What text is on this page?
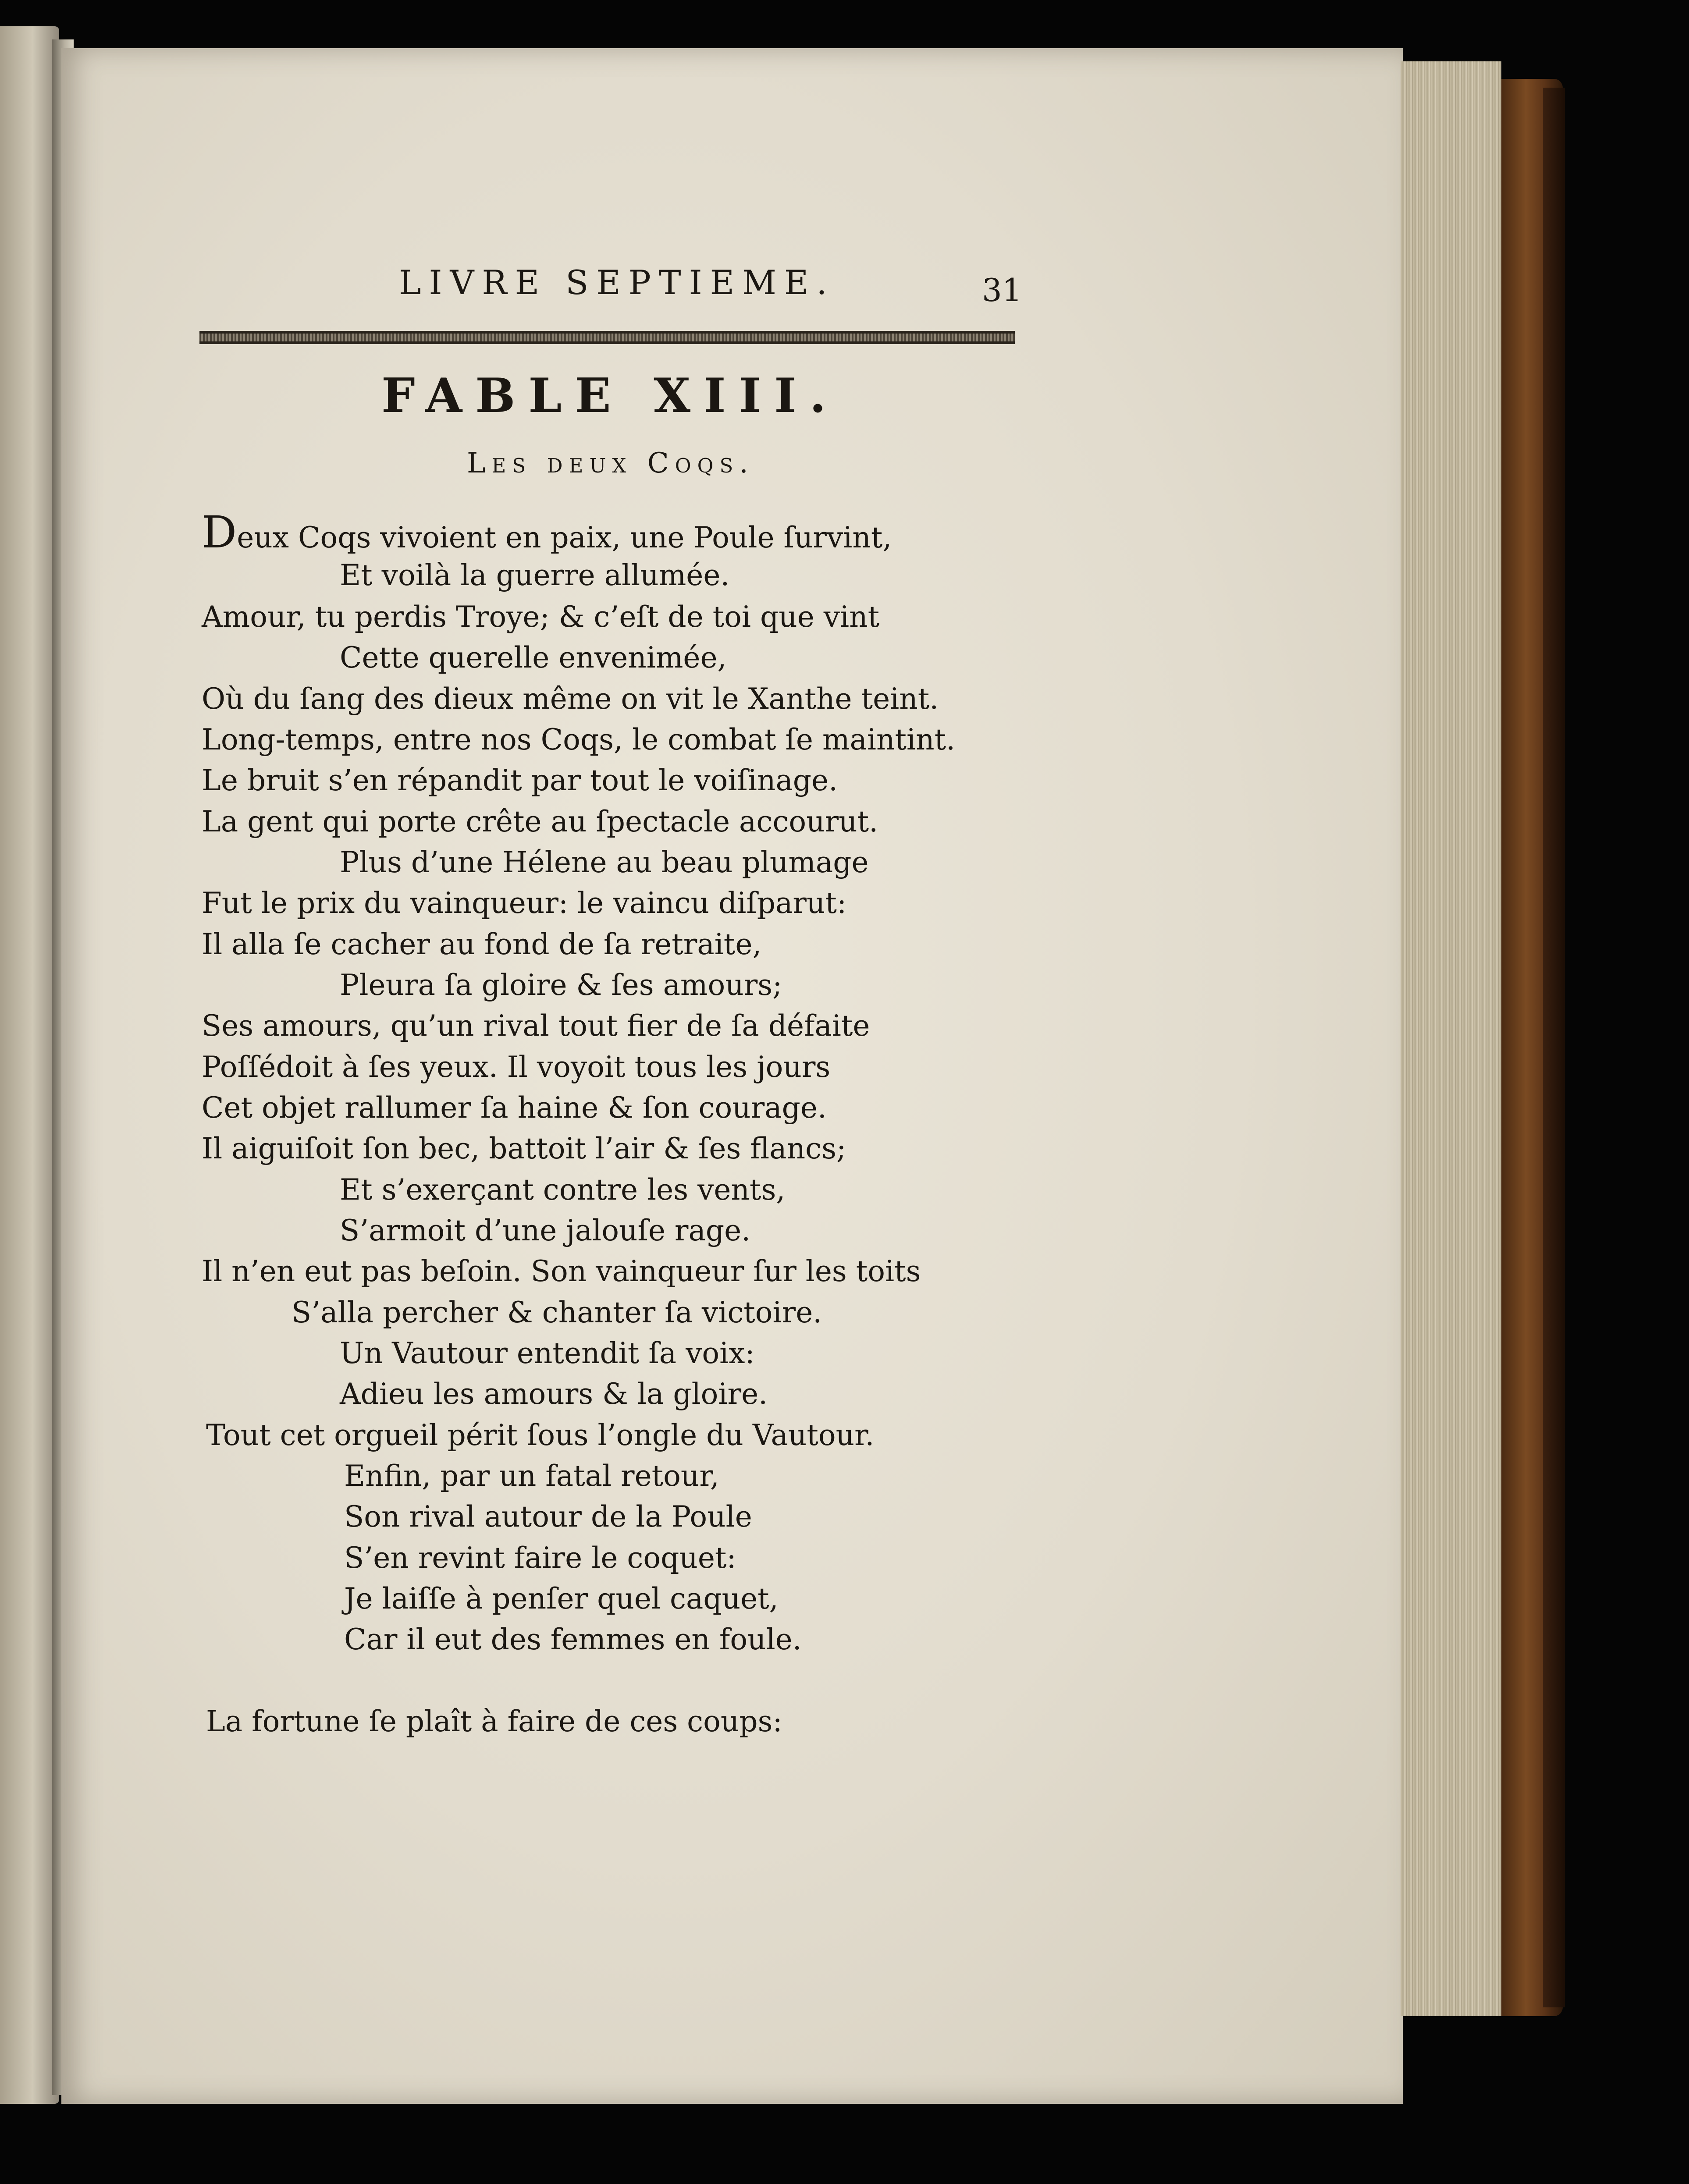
LIVRE SEPTIEME.	31
FABLE XIII.
Les deux Coqs.
Deux Coqs vivoient en paix, une Poule ſurvint,
Et voilà la guerre allumée.
Amour, tu perdis Troye; & c’eſt de toi que vint
Cette querelle envenimée,
Où du ſang des dieux même on vit le Xanthe teint.
Long-temps, entre nos Coqs, le combat ſe maintint.
Le bruit s’en répandit par tout le voiſinage.
La gent qui porte crête au ſpectacle accourut.
Plus d’une Hélene au beau plumage
Fut le prix du vainqueur: le vaincu diſparut:
Il alla ſe cacher au fond de ſa retraite,
Pleura ſa gloire & ſes amours;
Ses amours, qu’un rival tout fier de ſa défaite
Poſſédoit à ſes yeux. Il voyoit tous les jours
Cet objet rallumer ſa haine & ſon courage.
Il aiguiſoit ſon bec, battoit l’air & ſes flancs;
Et s’exerçant contre les vents,
S’armoit d’une jalouſe rage.
Il n’en eut pas beſoin. Son vainqueur ſur les toits
S’alla percher & chanter ſa victoire.
Un Vautour entendit ſa voix:
Adieu les amours & la gloire.
Tout cet orgueil périt ſous l’ongle du Vautour.
Enfin, par un fatal retour,
Son rival autour de la Poule
S’en revint faire le coquet:
Je laiſſe à penſer quel caquet,
Car il eut des femmes en foule.
La fortune ſe plaît à faire de ces coups:
